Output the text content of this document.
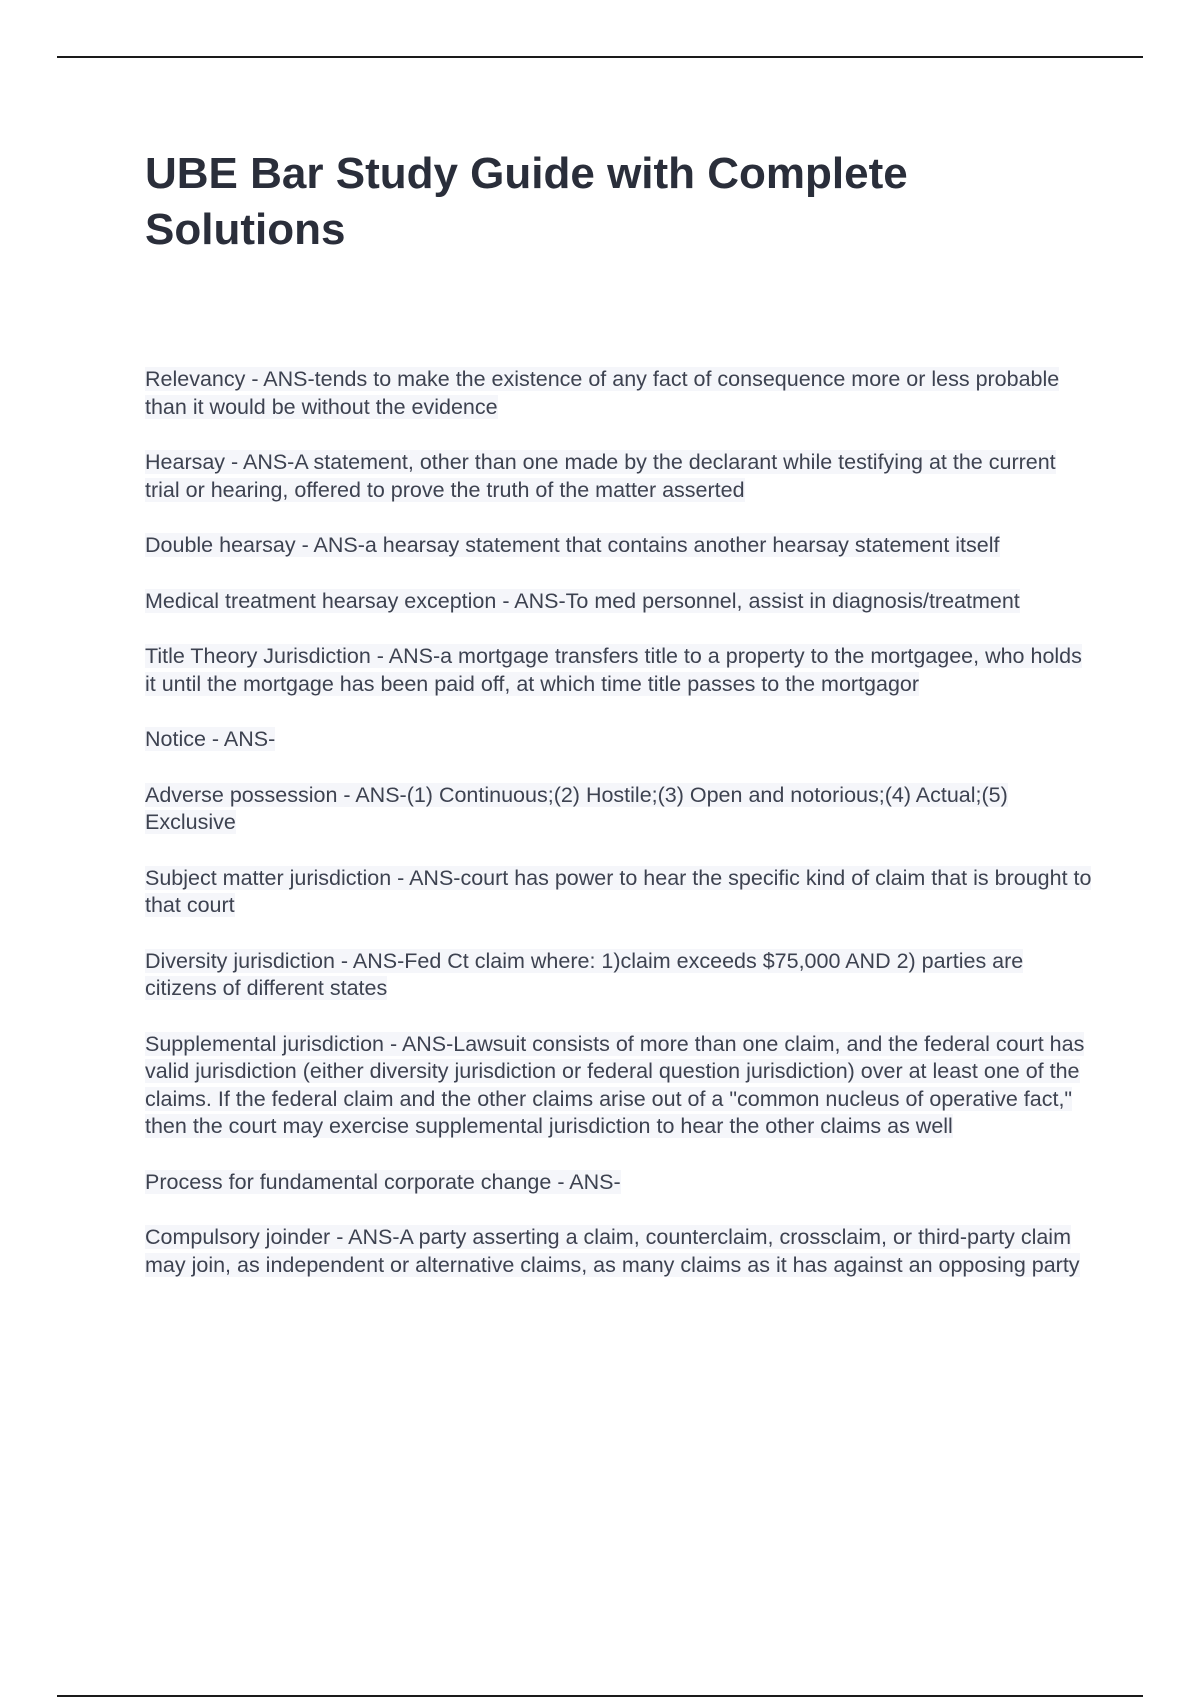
UBE Bar Study Guide with Complete Solutions
Relevancy - ANS-tends to make the existence of any fact of consequence more or less probable than it would be without the evidence
Hearsay - ANS-A statement, other than one made by the declarant while testifying at the current trial or hearing, offered to prove the truth of the matter asserted
Double hearsay - ANS-a hearsay statement that contains another hearsay statement itself
Medical treatment hearsay exception - ANS-To med personnel, assist in diagnosis/treatment
Title Theory Jurisdiction - ANS-a mortgage transfers title to a property to the mortgagee, who holds it until the mortgage has been paid off, at which time title passes to the mortgagor
Notice - ANS-
Adverse possession - ANS-(1) Continuous;(2) Hostile;(3) Open and notorious;(4) Actual;(5) Exclusive
Subject matter jurisdiction - ANS-court has power to hear the specific kind of claim that is brought to that court
Diversity jurisdiction - ANS-Fed Ct claim where: 1)claim exceeds $75,000 AND 2) parties are citizens of different states
Supplemental jurisdiction - ANS-Lawsuit consists of more than one claim, and the federal court has valid jurisdiction (either diversity jurisdiction or federal question jurisdiction) over at least one of the claims. If the federal claim and the other claims arise out of a "common nucleus of operative fact," then the court may exercise supplemental jurisdiction to hear the other claims as well
Process for fundamental corporate change - ANS-
Compulsory joinder - ANS-A party asserting a claim, counterclaim, crossclaim, or third-party claim may join, as independent or alternative claims, as many claims as it has against an opposing party
